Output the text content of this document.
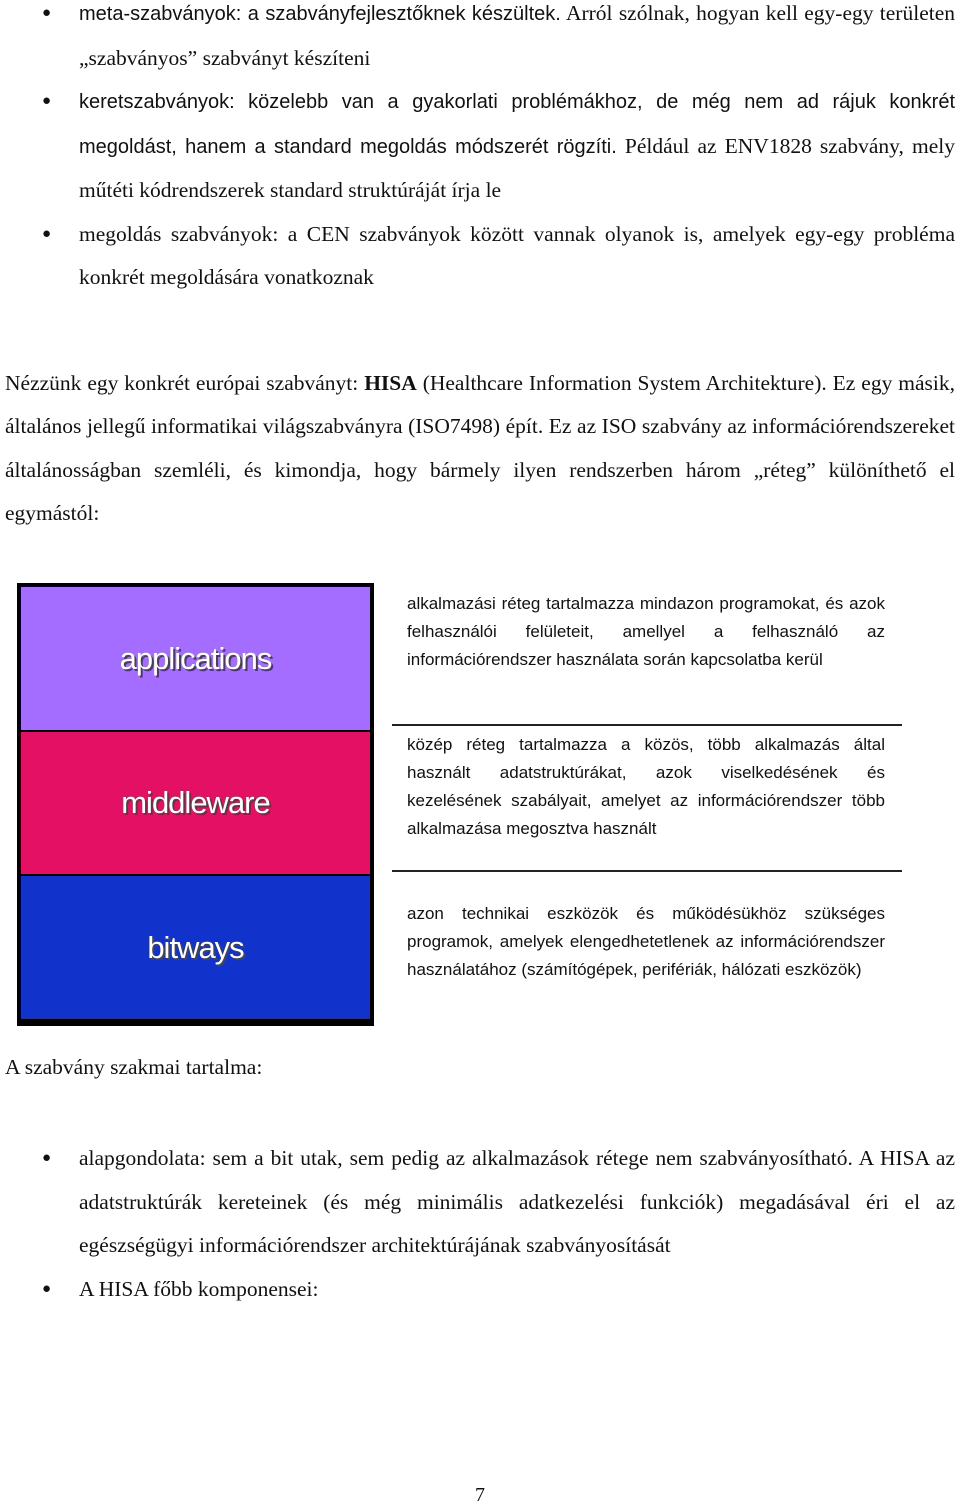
● meta-szabványok: a szabványfejlesztőknek készültek. Arról szólnak, hogyan kell egy-egy területen „szabványos” szabványt készíteni
● keretszabványok: közelebb van a gyakorlati problémákhoz, de még nem ad rájuk konkrét megoldást, hanem a standard megoldás módszerét rögzíti. Például az ENV1828 szabvány, mely műtéti kódrendszerek standard struktúráját írja le
● megoldás szabványok: a CEN szabványok között vannak olyanok is, amelyek egy-egy probléma konkrét megoldására vonatkoznak

Nézzünk egy konkrét európai szabványt: HISA (Healthcare Information System Architekture). Ez egy másik, általános jellegű informatikai világszabványra (ISO7498) épít. Ez az ISO szabvány az információrendszereket általánosságban szemléli, és kimondja, hogy bármely ilyen rendszerben három „réteg” különíthető el egymástól:

applications
middleware
bitways
alkalmazási réteg tartalmazza mindazon programokat, és azok felhasználói felületeit, amellyel a felhasználó az információrendszer használata során kapcsolatba kerül
közép réteg tartalmazza a közös, több alkalmazás által használt adatstruktúrákat, azok viselkedésének és kezelésének szabályait, amelyet az információrendszer több alkalmazása megosztva használt
azon technikai eszközök és működésükhöz szükséges programok, amelyek elengedhetetlenek az információrendszer használatához (számítógépek, perifériák, hálózati eszközök)
A szabvány szakmai tartalma:
● alapgondolata: sem a bit utak, sem pedig az alkalmazások rétege nem szabványosítható. A HISA az adatstruktúrák kereteinek (és még minimális adatkezelési funkciók) megadásával éri el az egészségügyi információrendszer architektúrájának szabványosítását
● A HISA főbb komponensei:
7
